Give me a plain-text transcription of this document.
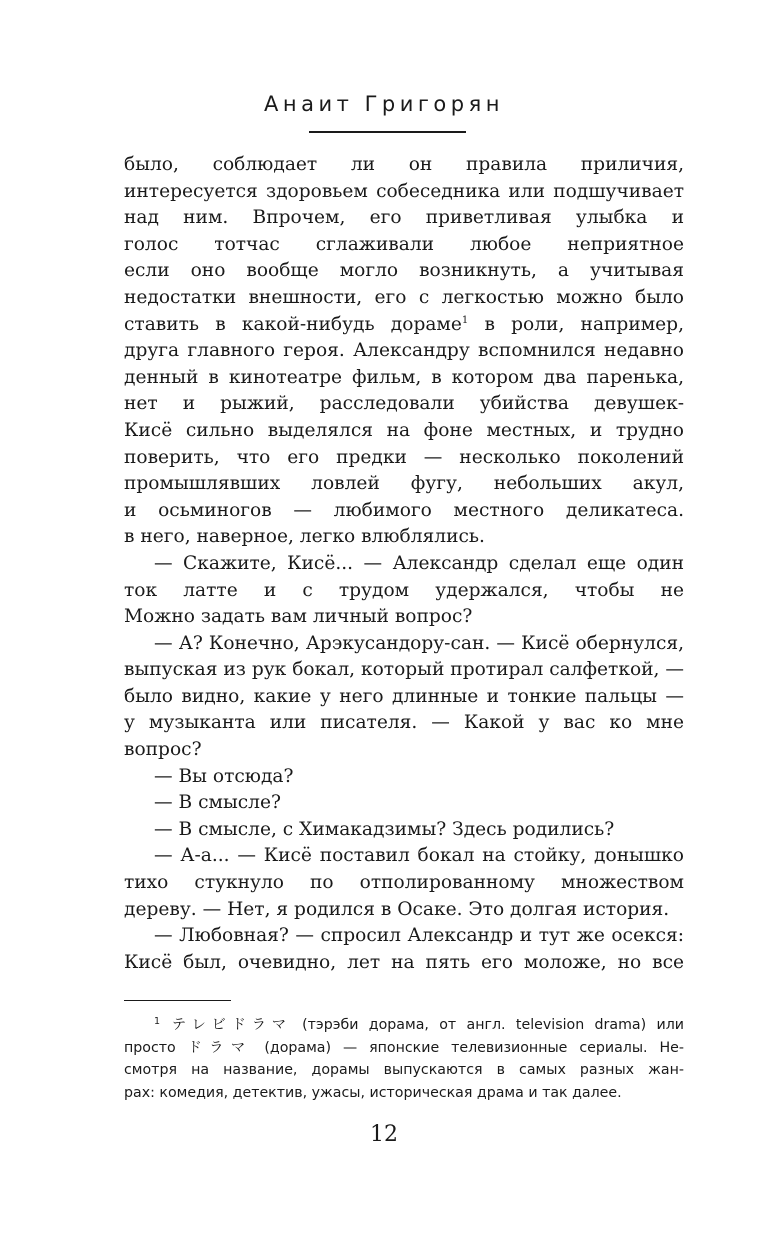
Анаит Григорян
было, соблюдает ли он правила приличия,
интересуется здоровьем собеседника или подшучивает
над ним. Впрочем, его приветливая улыбка и
голос тотчас сглаживали любое неприятное
если оно вообще могло возникнуть, а учитывая
недостатки внешности, его с легкостью можно было
ставить в какой-нибудь дораме$^1$ в роли, например,
друга главного героя. Александру вспомнился недавно
денный в кинотеатре фильм, в котором два паренька,
нет и рыжий, расследовали убийства девушек-
Кисё сильно выделялся на фоне местных, и трудно
поверить, что его предки — несколько поколений
промышлявших ловлей фугу, небольших акул,
и осьминогов — любимого местного деликатеса.
в него, наверное, легко влюблялись.
— Скажите, Кисё... — Александр сделал еще один
ток латте и с трудом удержался, чтобы не
Можно задать вам личный вопрос?
— А? Конечно, Арэкусандору-сан. — Кисё обернулся,
выпуская из рук бокал, который протирал салфеткой, —
было видно, какие у него длинные и тонкие пальцы —
у музыканта или писателя. — Какой у вас ко мне
вопрос?
— Вы отсюда?
— В смысле?
— В смысле, с Химакадзимы? Здесь родились?
— А-а... — Кисё поставил бокал на стойку, донышко
тихо стукнуло по отполированному множеством
дереву. — Нет, я родился в Осаке. Это долгая история.
— Любовная? — спросил Александр и тут же осекся:
Кисё был, очевидно, лет на пять его моложе, но все
$^1$ テレビドラマ (тэрэби дорама, от англ. television drama) или
просто ドラマ (дорама) — японские телевизионные сериалы. Не-
смотря на название, дорамы выпускаются в самых разных жан-
рах: комедия, детектив, ужасы, историческая драма и так далее.
12
